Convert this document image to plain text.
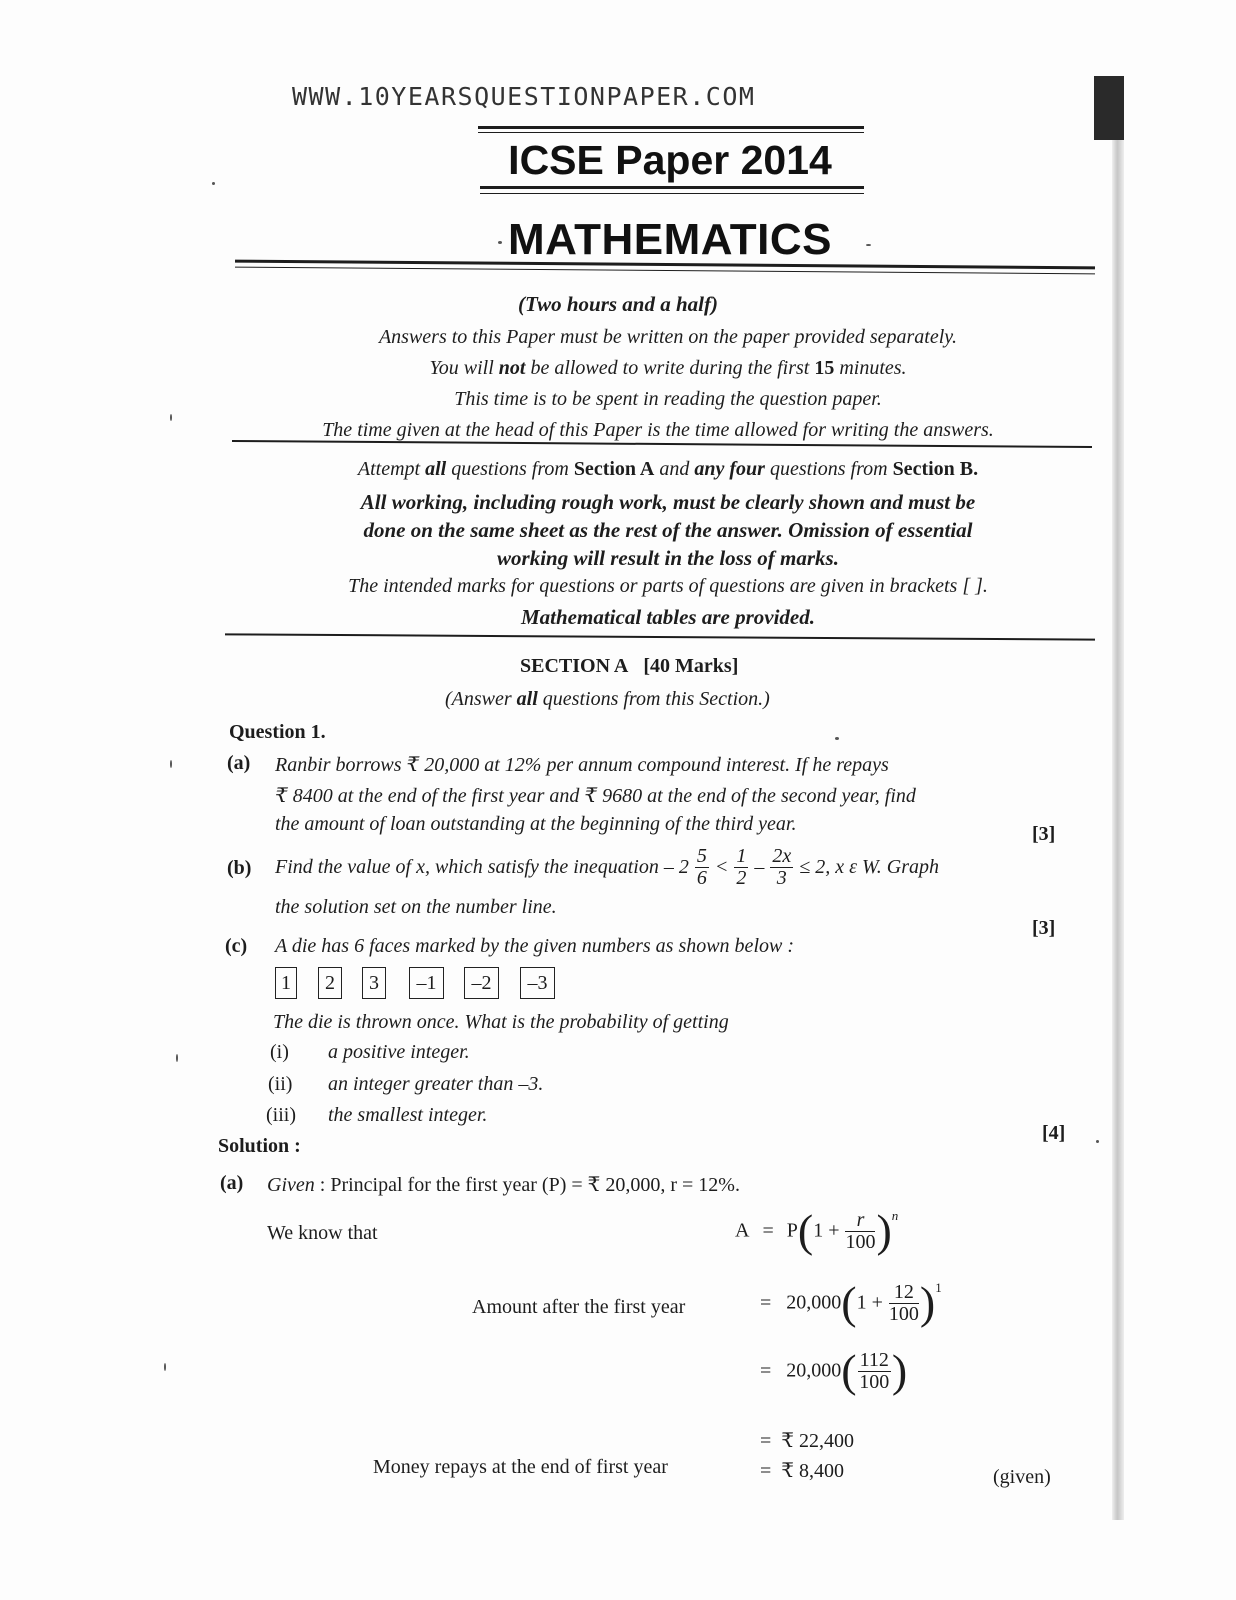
WWW.10YEARSQUESTIONPAPER.COM
ICSE Paper 2014
MATHEMATICS
(Two hours and a half)
Answers to this Paper must be written on the paper provided separately.
You will not be allowed to write during the first 15 minutes.
This time is to be spent in reading the question paper.
The time given at the head of this Paper is the time allowed for writing the answers.
Attempt all questions from Section A and any four questions from Section B.
All working, including rough work, must be clearly shown and must be
done on the same sheet as the rest of the answer. Omission of essential
working will result in the loss of marks.
The intended marks for questions or parts of questions are given in brackets [ ].
Mathematical tables are provided.
SECTION A [40 Marks]
(Answer all questions from this Section.)
Question 1.
(a) Ranbir borrows ₹ 20,000 at 12% per annum compound interest. If he repays
₹ 8400 at the end of the first year and ₹ 9680 at the end of the second year, find
the amount of loan outstanding at the beginning of the third year.	[3]
(b) Find the value of x, which satisfy the inequation – $2 \frac{5}{6} < \frac{1}{2} - \frac{2x}{3} \le 2$, x ε W. Graph
the solution set on the number line.
[3]
(c) A die has 6 faces marked by the given numbers as shown below :
1	2	3	–1	–2	–3
The die is thrown once. What is the probability of getting
(i) a positive integer.
(ii) an integer greater than –3.
(iii) the smallest integer.
[4]
Solution :
(a) Given : Principal for the first year (P) = ₹ 20,000, r = 12%.
We know that	$A = P(1 + \frac{r}{100} )^n$
Amount after the first year	= $20,000(1 + \frac{12}{100} )^1$
= $20,000( \frac{112}{100}$ )
= ₹ 22,400
Money repays at the end of first year	= ₹ 8,400	(given)
